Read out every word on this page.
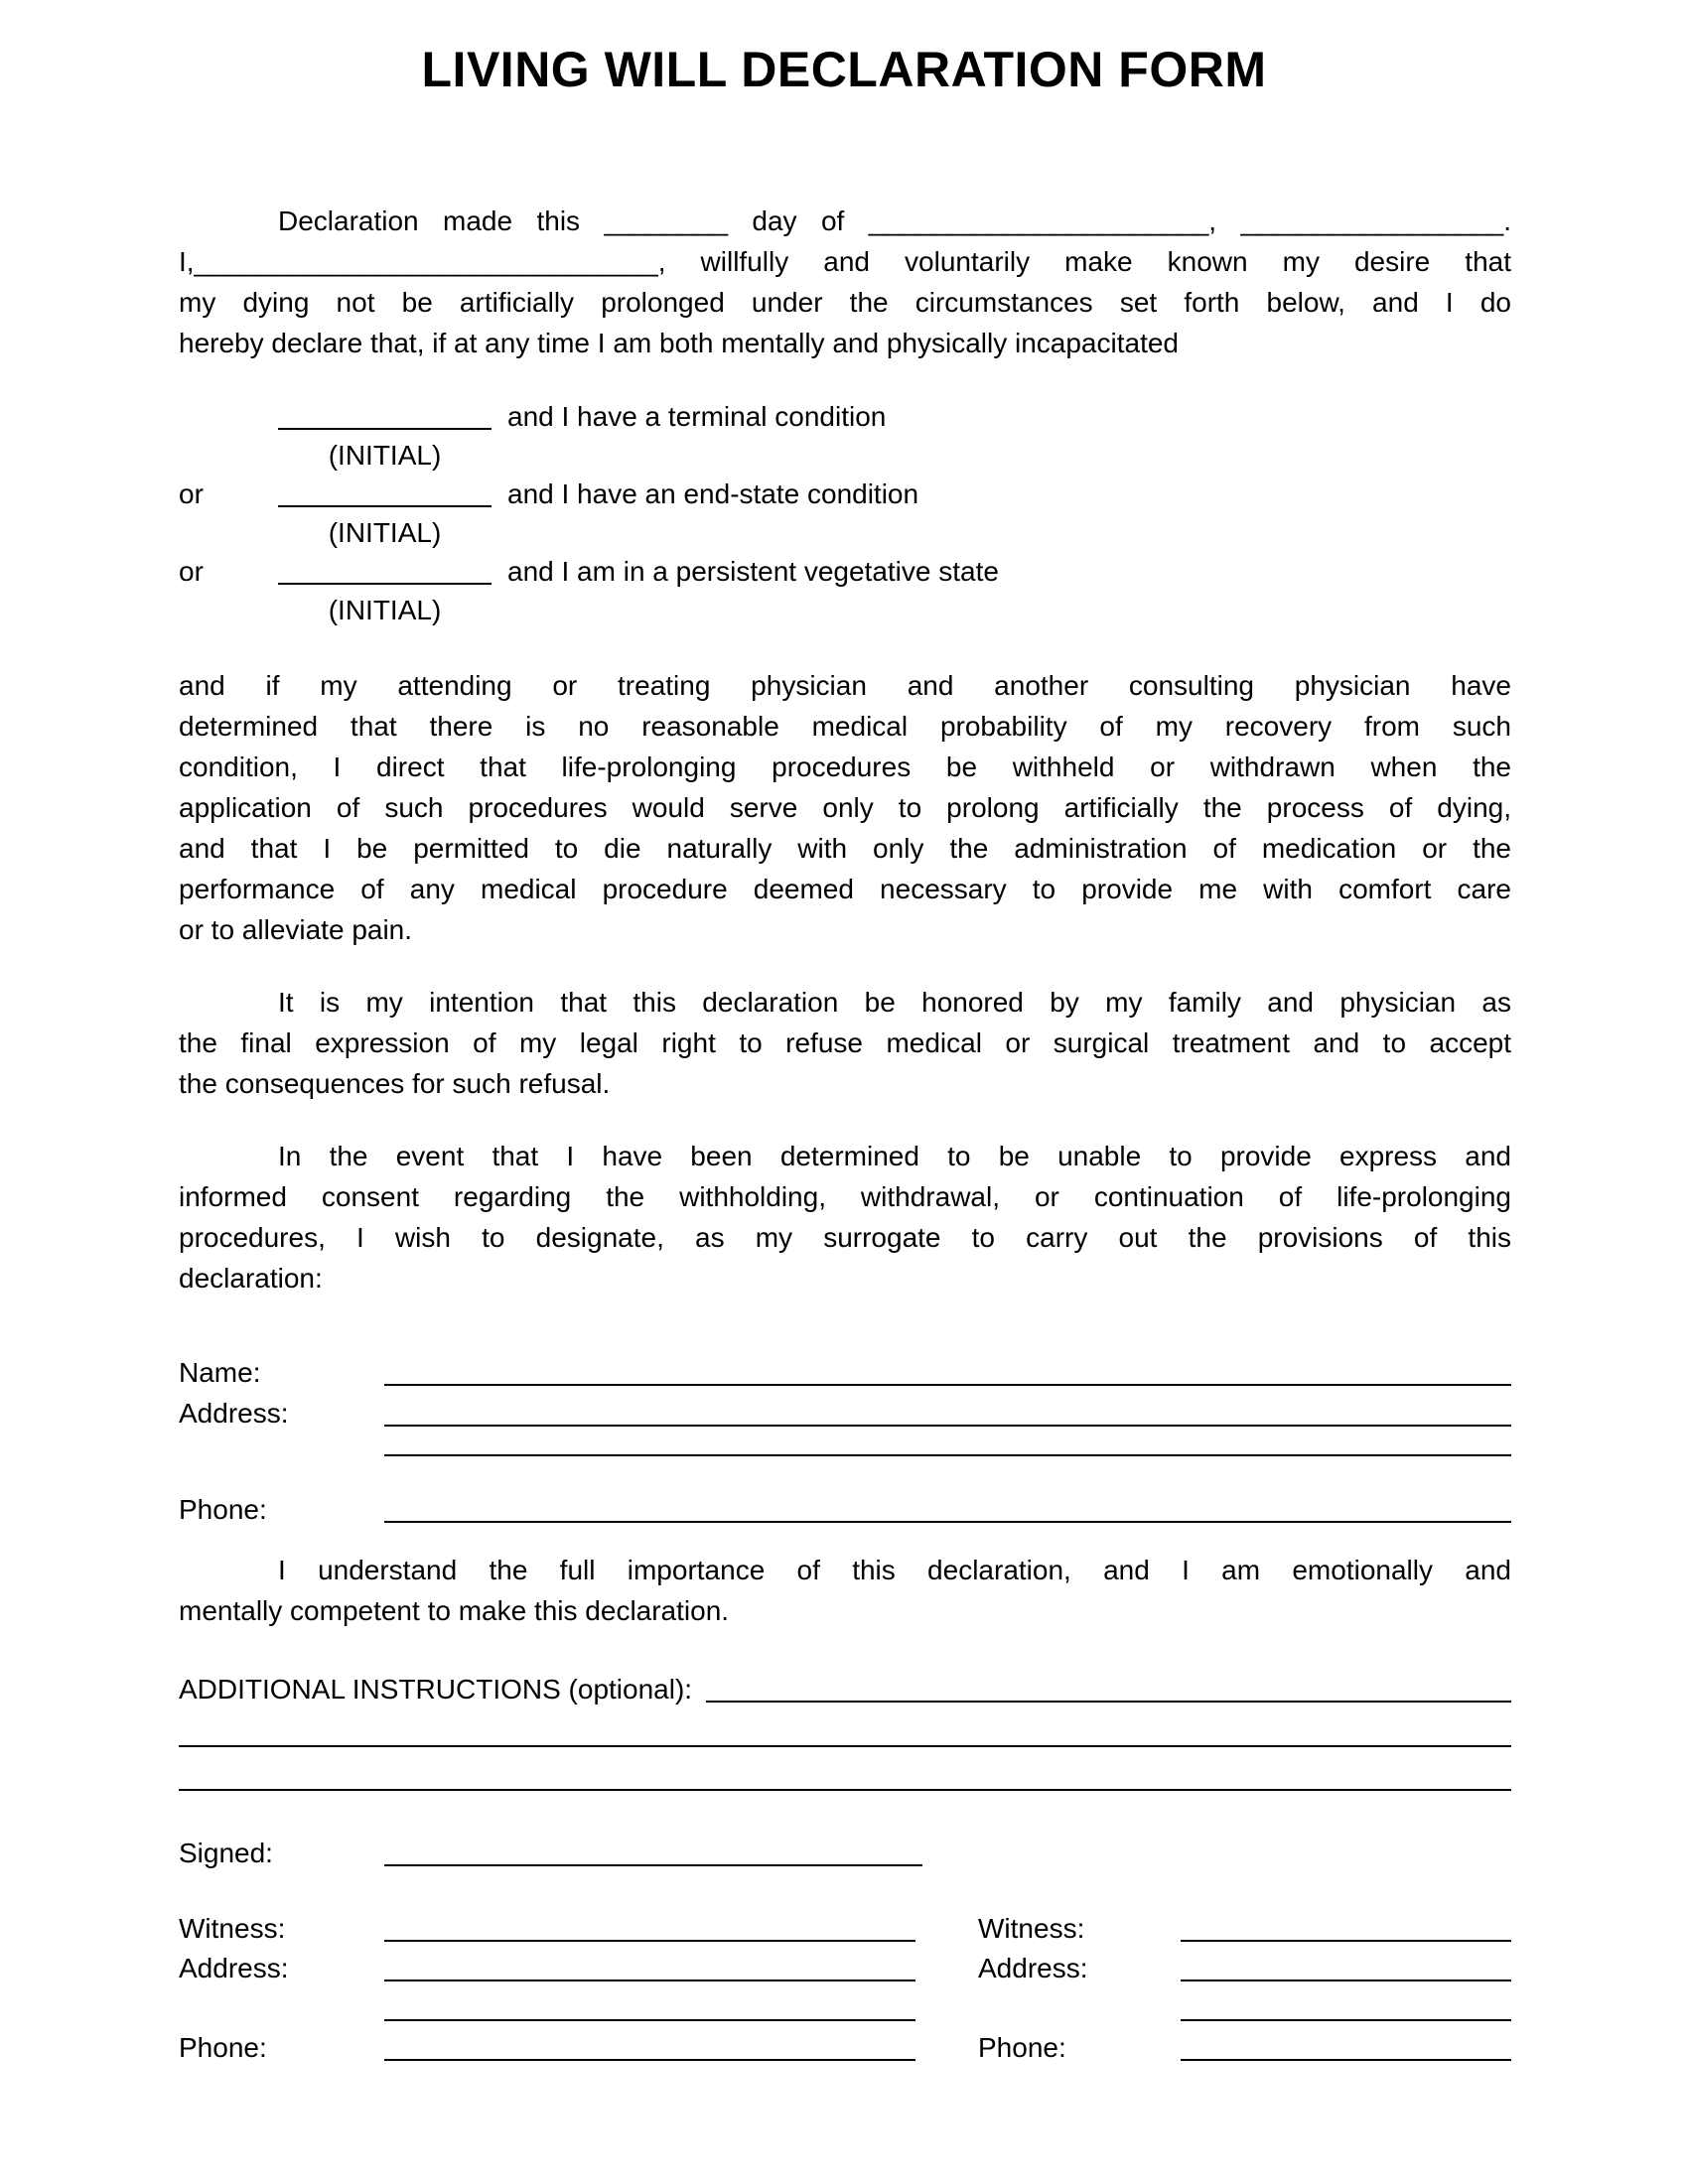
LIVING WILL DECLARATION FORM
Declaration made this ________ day of ______________________, _________________.
I,______________________________, willfully and voluntarily make known my desire that
my dying not be artificially prolonged under the circumstances set forth below, and I do
hereby declare that, if at any time I am both mentally and physically incapacitated
and I have a terminal condition
(INITIAL)
or	and I have an end-state condition
(INITIAL)
or	and I am in a persistent vegetative state
(INITIAL)
and if my attending or treating physician and another consulting physician have
determined that there is no reasonable medical probability of my recovery from such
condition, I direct that life-prolonging procedures be withheld or withdrawn when the
application of such procedures would serve only to prolong artificially the process of dying,
and that I be permitted to die naturally with only the administration of medication or the
performance of any medical procedure deemed necessary to provide me with comfort care
or to alleviate pain.
It is my intention that this declaration be honored by my family and physician as
the final expression of my legal right to refuse medical or surgical treatment and to accept
the consequences for such refusal.
In the event that I have been determined to be unable to provide express and
informed consent regarding the withholding, withdrawal, or continuation of life-prolonging
procedures, I wish to designate, as my surrogate to carry out the provisions of this
declaration:
Name:
Address:
Phone:
I understand the full importance of this declaration, and I am emotionally and
mentally competent to make this declaration.
ADDITIONAL INSTRUCTIONS (optional):
Signed:
Witness:
Address:
Phone:
Witness:
Address:
Phone:
